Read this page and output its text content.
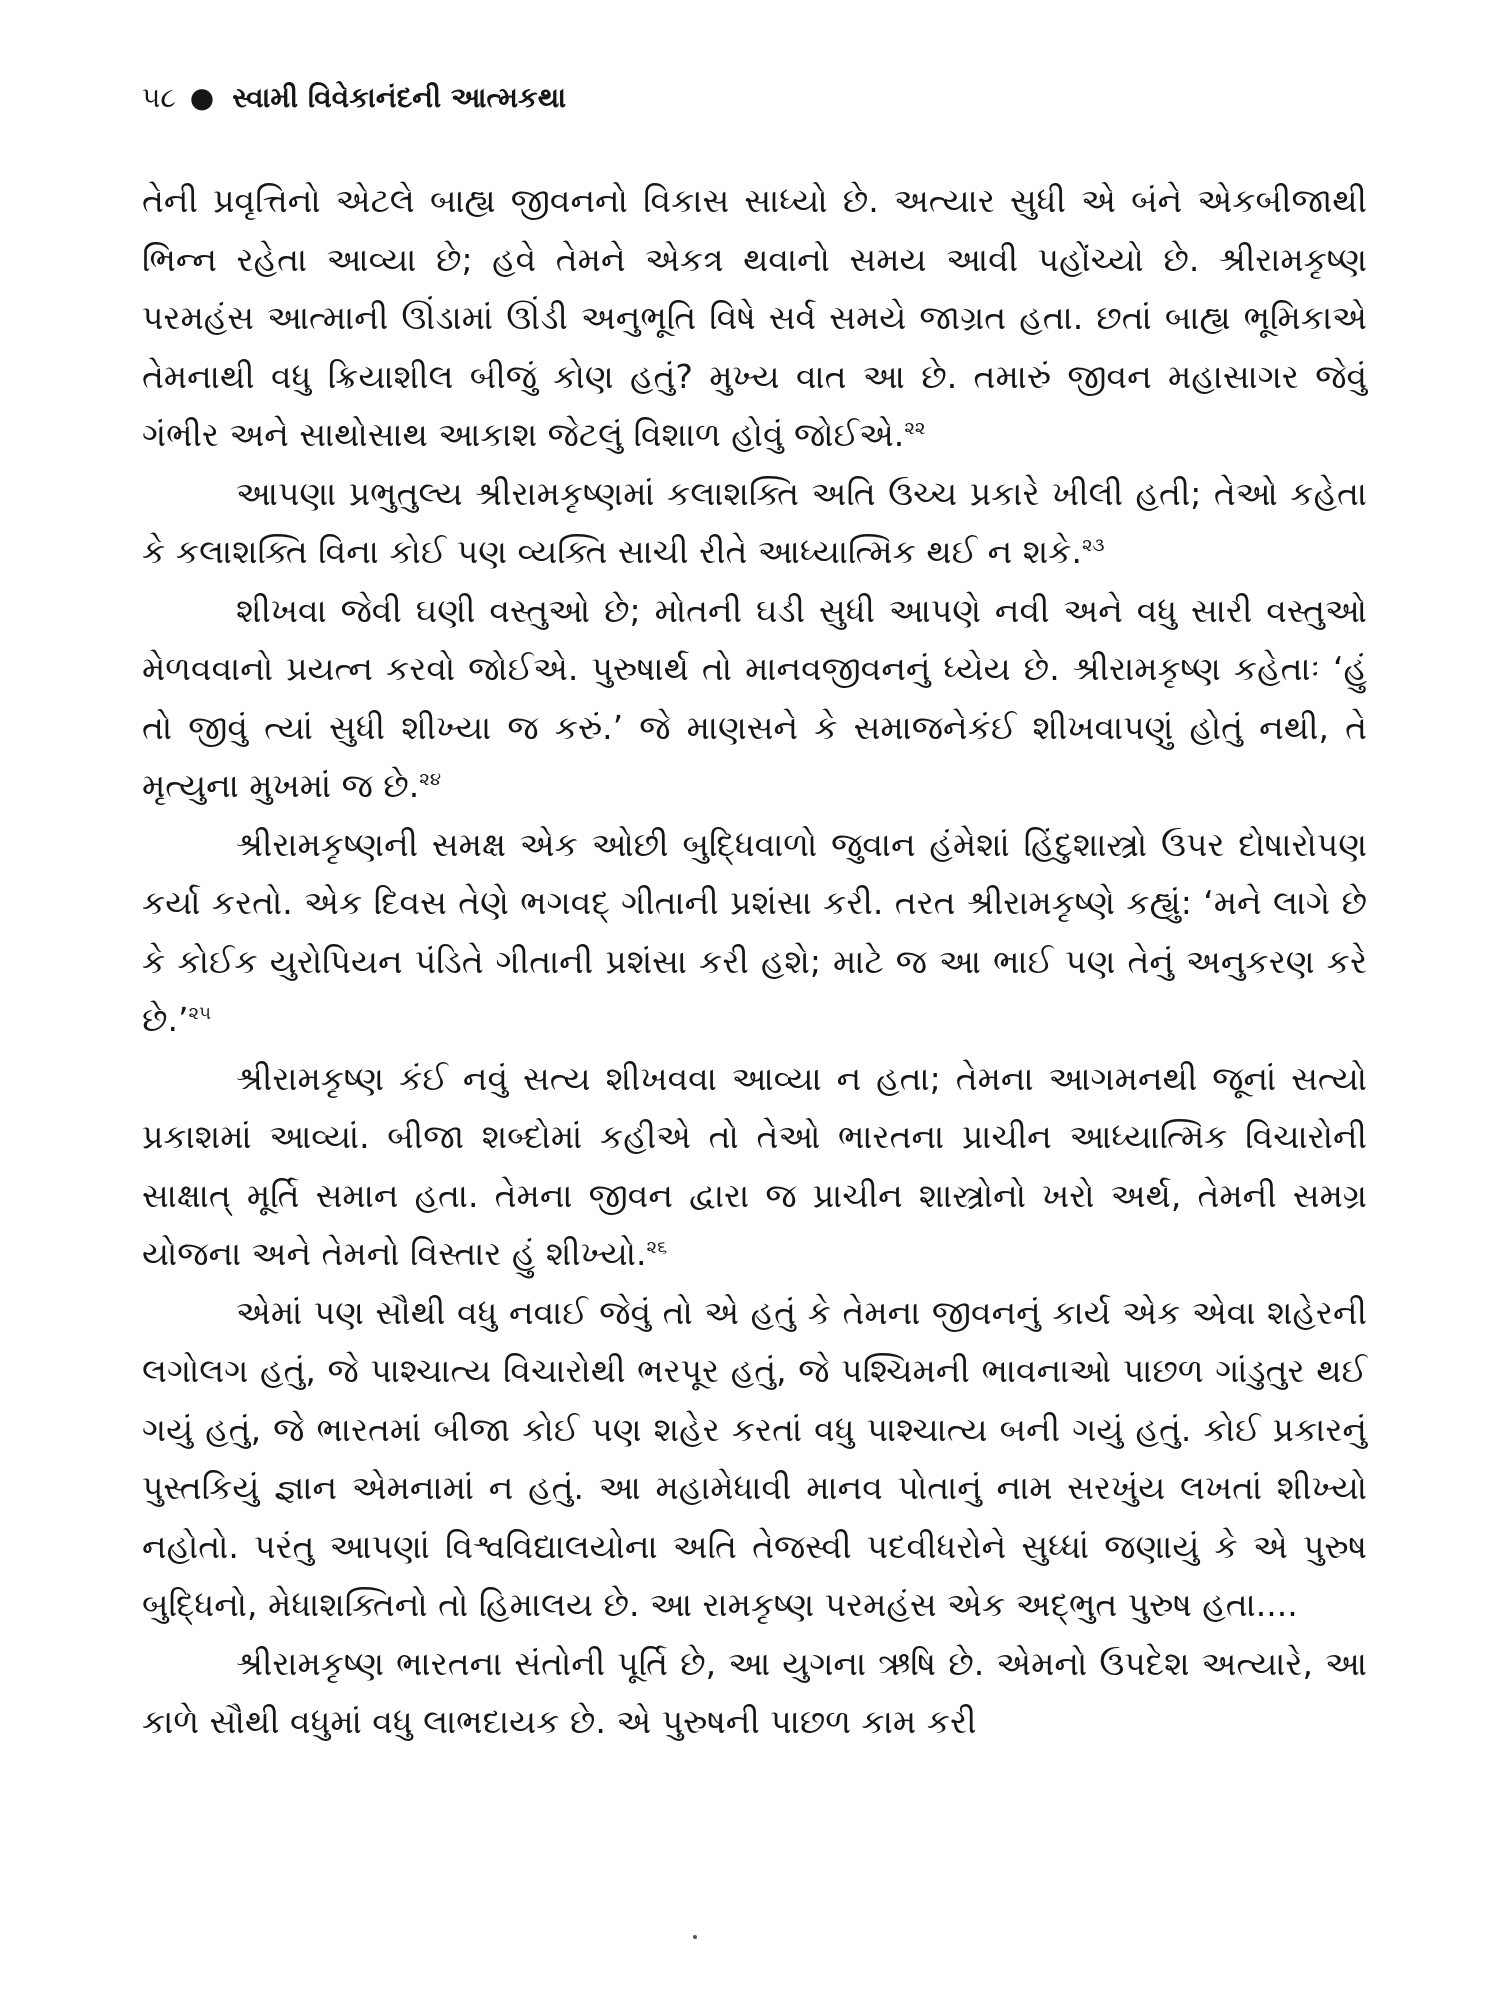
૫૮ ● સ્વામી વિવેકાનંદની આત્મકથા

તેની પ્રવૃત્તિનો એટલે બાહ્ય જીવનનો વિકાસ સાધ્યો છે. અત્યાર સુધી એ બંને એકબીજાથી ભિન્ન રહેતા આવ્યા છે; હવે તેમને એકત્ર થવાનો સમય આવી પહોંચ્યો છે. શ્રીરામકૃષ્ણ પરમહંસ આત્માની ઊંડામાં ઊંડી અનુભૂતિ વિષે સર્વ સમયે જાગ્રત હતા. છતાં બાહ્ય ભૂમિકાએ તેમનાથી વધુ ક્રિયાશીલ બીજું કોણ હતું? મુખ્ય વાત આ છે. તમારું જીવન મહાસાગર જેવું ગંભીર અને સાથોસાથ આકાશ જેટલું વિશાળ હોવું જોઈએ.$^{૨૨}$

આપણા પ્રભુતુલ્ય શ્રીરામકૃષ્ણમાં કલાશક્તિ અતિ ઉચ્ચ પ્રકારે ખીલી હતી; તેઓ કહેતા કે કલાશક્તિ વિના કોઈ પણ વ્યક્તિ સાચી રીતે આધ્યાત્મિક થઈ ન શકે.$^{૨૩}$

શીખવા જેવી ઘણી વસ્તુઓ છે; મોતની ઘડી સુધી આપણે નવી અને વધુ સારી વસ્તુઓ મેળવવાનો પ્રયત્ન કરવો જોઈએ. પુરુષાર્થ તો માનવજીવનનું ધ્યેય છે. શ્રીરામકૃષ્ણ કહેતાઃ ‘હું તો જીવું ત્યાં સુધી શીખ્યા જ કરું.’ જે માણસને કે સમાજનેકંઈ શીખવાપણું હોતું નથી, તે મૃત્યુના મુખમાં જ છે.$^{૨૪}$

શ્રીરામકૃષ્ણની સમક્ષ એક ઓછી બુદ્ધિવાળો જુવાન હંમેશાં હિંદુશાસ્ત્રો ઉપર દોષારોપણ કર્યા કરતો. એક દિવસ તેણે ભગવદ્ ગીતાની પ્રશંસા કરી. તરત શ્રીરામકૃષ્ણે કહ્યું: ‘મને લાગે છે કે કોઈક યુરોપિયન પંડિતે ગીતાની પ્રશંસા કરી હશે; માટે જ આ ભાઈ પણ તેનું અનુકરણ કરે છે.’$^{૨૫}$

શ્રીરામકૃષ્ણ કંઈ નવું સત્ય શીખવવા આવ્યા ન હતા; તેમના આગમનથી જૂનાં સત્યો પ્રકાશમાં આવ્યાં. બીજા શબ્દોમાં કહીએ તો તેઓ ભારતના પ્રાચીન આધ્યાત્મિક વિચારોની સાક્ષાત્ મૂર્તિ સમાન હતા. તેમના જીવન દ્વારા જ પ્રાચીન શાસ્ત્રોનો ખરો અર્થ, તેમની સમગ્ર યોજના અને તેમનો વિસ્તાર હું શીખ્યો.$^{૨૬}$

એમાં પણ સૌથી વધુ નવાઈ જેવું તો એ હતું કે તેમના જીવનનું કાર્ય એક એવા શહેરની લગોલગ હતું, જે પાશ્ચાત્ય વિચારોથી ભરપૂર હતું, જે પશ્ચિમની ભાવનાઓ પાછળ ગાંડુતુર થઈ ગયું હતું, જે ભારતમાં બીજા કોઈ પણ શહેર કરતાં વધુ પાશ્ચાત્ય બની ગયું હતું. કોઈ પ્રકારનું પુસ્તકિયું જ્ઞાન એમનામાં ન હતું. આ મહામેધાવી માનવ પોતાનું નામ સરખુંય લખતાં શીખ્યો નહોતો. પરંતુ આપણાં વિશ્વવિદ્યાલયોના અતિ તેજસ્વી પદવીધરોને સુધ્ધાં જણાયું કે એ પુરુષ બુદ્ધિનો, મેધાશક્તિનો તો હિમાલય છે. આ રામકૃષ્ણ પરમહંસ એક અદ્ભુત પુરુષ હતા....

શ્રીરામકૃષ્ણ ભારતના સંતોની પૂર્તિ છે, આ યુગના ઋષિ છે. એમનો ઉપદેશ અત્યારે, આ કાળે સૌથી વધુમાં વધુ લાભદાયક છે. એ પુરુષની પાછળ કામ કરી
